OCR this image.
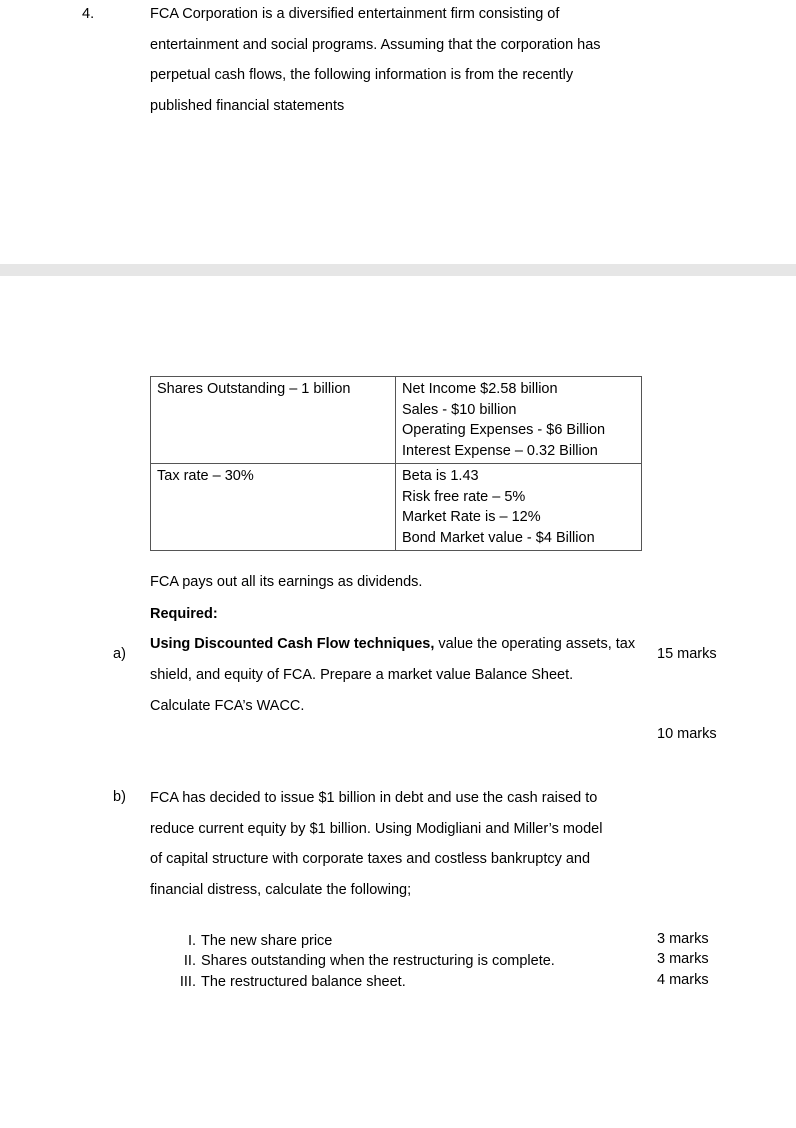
4.	FCA Corporation is a diversified entertainment firm consisting of
entertainment and social programs. Assuming that the corporation has
perpetual cash flows, the following information is from the recently
published financial statements
Shares Outstanding – 1 billion	Net Income $2.58 billion
Sales - $10 billion
Operating Expenses - $6 Billion
Interest Expense – 0.32 Billion

Tax rate – 30%	Beta is 1.43
Risk free rate – 5%
Market Rate is – 12%
Bond Market value - $4 Billion
FCA pays out all its earnings as dividends.
Required:
a)
Using Discounted Cash Flow techniques, value the operating assets, tax
shield, and equity of FCA. Prepare a market value Balance Sheet.
Calculate FCA’s WACC.
15 marks
10 marks
b) FCA has decided to issue $1 billion in debt and use the cash raised to
reduce current equity by $1 billion. Using Modigliani and Miller’s model
of capital structure with corporate taxes and costless bankruptcy and
financial distress, calculate the following;
I. The new share price	3 marks
II. Shares outstanding when the restructuring is complete.	3 marks
III. The restructured balance sheet.	4 marks
